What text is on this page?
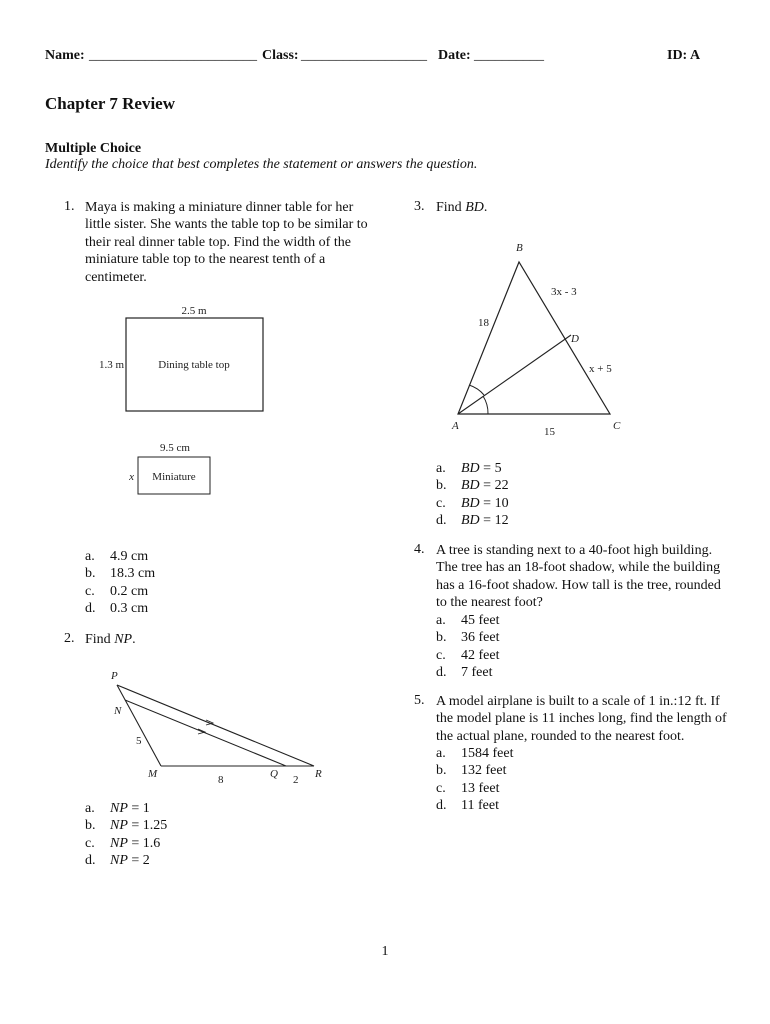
Name: ________________________ Class: __________________ Date: __________	ID: A
Chapter 7 Review
Multiple Choice
Identify the choice that best completes the statement or answers the question.
1. Maya is making a miniature dinner table for her
little sister. She wants the table top to be similar to
their real dinner table top. Find the width of the
miniature table top to the nearest tenth of a
centimeter.
2.5 m
1.3 m	Dining table top
9.5 cm
x Miniature
a. 4.9 cm
b. 18.3 cm
c. 0.2 cm
d. 0.3 cm
2. Find NP.
P
N
M	Q	R
5
8	2
a. NP = 1
b. NP = 1.25
c. NP = 1.6
d. NP = 2
3. Find BD.
B
A	C
D
18
3x - 3
x + 5
15
a. BD = 5
b. BD = 22
c. BD = 10
d. BD = 12
4. A tree is standing next to a 40-foot high building.
The tree has an 18-foot shadow, while the building
has a 16-foot shadow. How tall is the tree, rounded
to the nearest foot?
a. 45 feet
b. 36 feet
c. 42 feet
d. 7 feet
5. A model airplane is built to a scale of 1 in.:12 ft. If
the model plane is 11 inches long, find the length of
the actual plane, rounded to the nearest foot.
a. 1584 feet
b. 132 feet
c. 13 feet
d. 11 feet
1
